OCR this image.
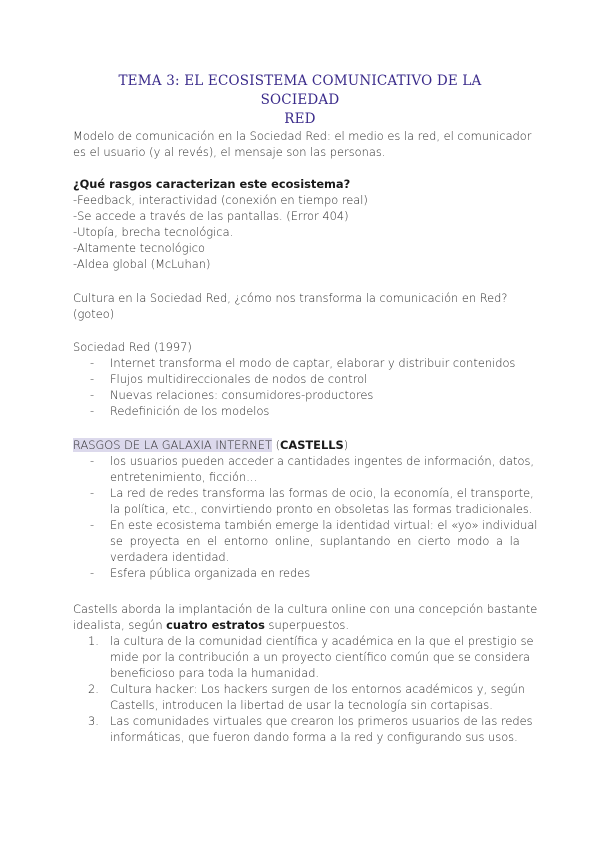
TEMA 3: EL ECOSISTEMA COMUNICATIVO DE LA SOCIEDAD
RED
Modelo de comunicación en la Sociedad Red: el medio es la red, el comunicador
es el usuario (y al revés), el mensaje son las personas.
¿Qué rasgos caracterizan este ecosistema?
-Feedback, interactividad (conexión en tiempo real)
-Se accede a través de las pantallas. (Error 404)
-Utopía, brecha tecnológica.
-Altamente tecnológico
-Aldea global (McLuhan)
Cultura en la Sociedad Red, ¿cómo nos transforma la comunicación en Red?
(goteo)
Sociedad Red (1997)
- Internet transforma el modo de captar, elaborar y distribuir contenidos
- Flujos multidireccionales de nodos de control
- Nuevas relaciones: consumidores-productores
- Redefinición de los modelos
RASGOS DE LA GALAXIA INTERNET (CASTELLS)
- los usuarios pueden acceder a cantidades ingentes de información, datos,
entretenimiento, ficción...
- La red de redes transforma las formas de ocio, la economía, el transporte,
la política, etc., convirtiendo pronto en obsoletas las formas tradicionales.
- En este ecosistema también emerge la identidad virtual: el «yo» individual
se proyecta en el entorno online, suplantando en cierto modo a la
verdadera identidad.
- Esfera pública organizada en redes
Castells aborda la implantación de la cultura online con una concepción bastante
idealista, según cuatro estratos superpuestos.
1. la cultura de la comunidad científica y académica en la que el prestigio se
mide por la contribución a un proyecto científico común que se considera
beneficioso para toda la humanidad.
2. Cultura hacker: Los hackers surgen de los entornos académicos y, según
Castells, introducen la libertad de usar la tecnología sin cortapisas.
3. Las comunidades virtuales que crearon los primeros usuarios de las redes
informáticas, que fueron dando forma a la red y configurando sus usos.
